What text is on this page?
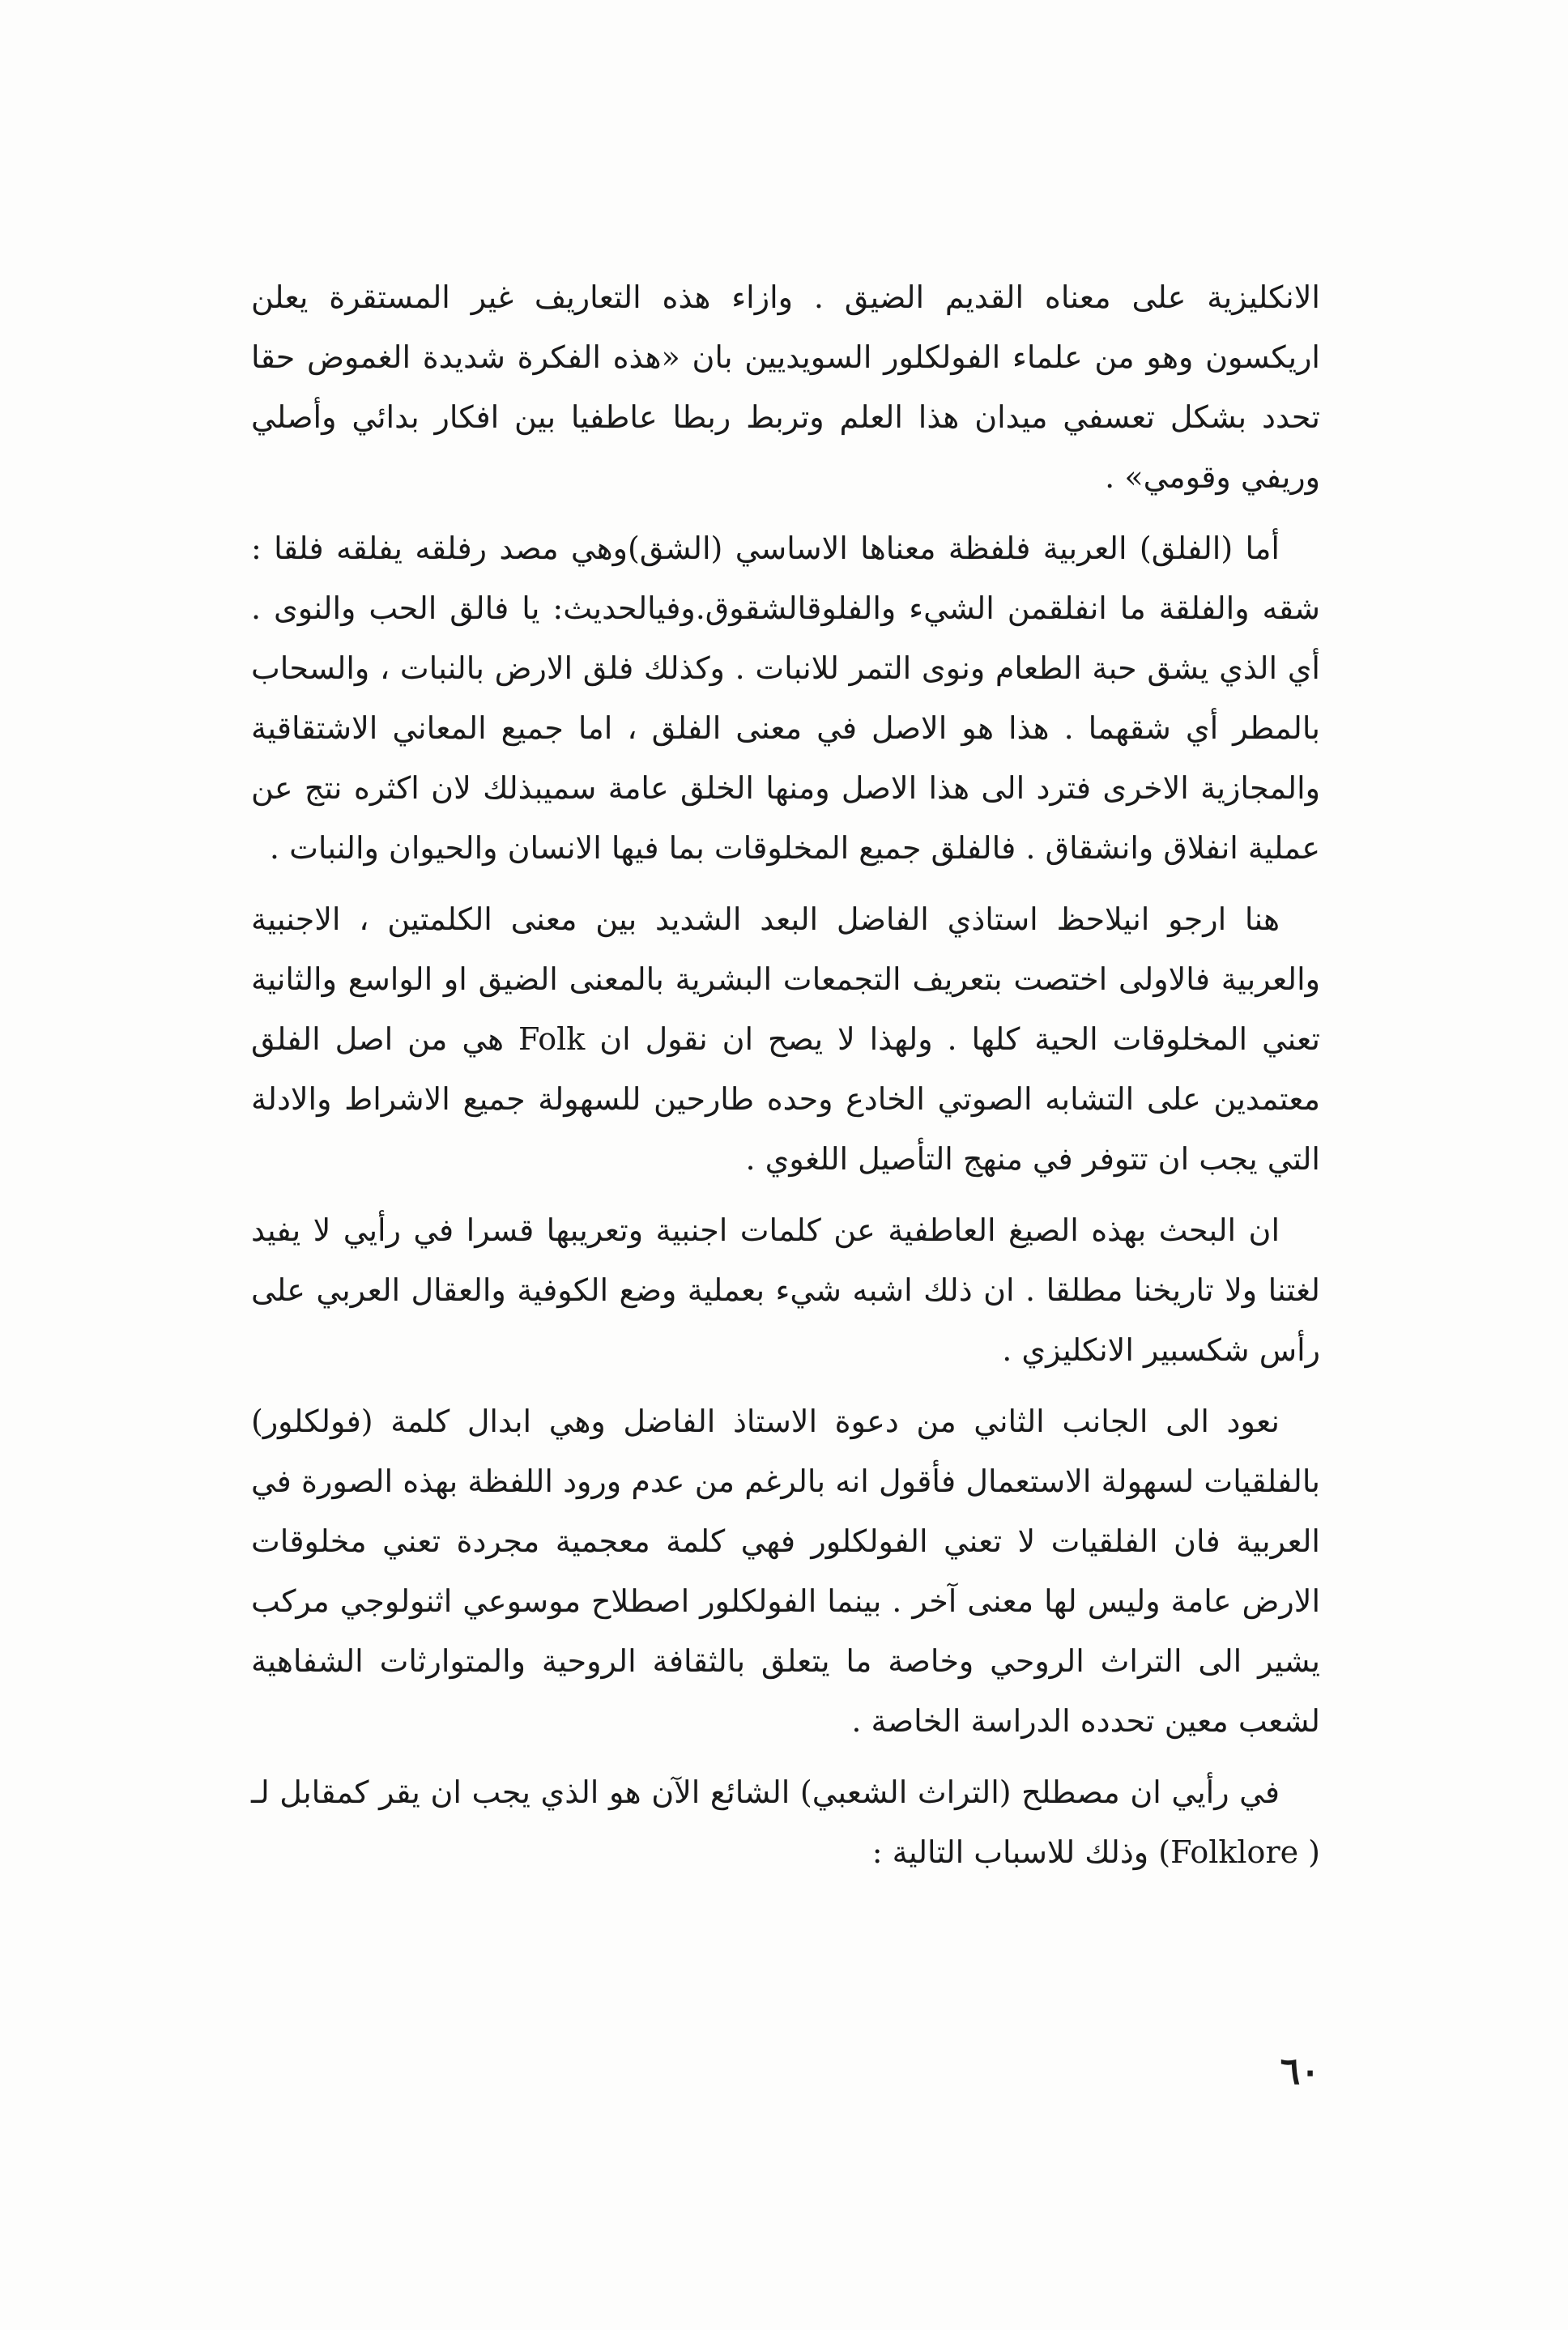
الانكليزية على معناه القديم الضيق . وازاء هذه التعاريف غير المستقرة يعلن اريكسون وهو من علماء الفولكلور السويديين بان «هذه الفكرة شديدة الغموض حقا تحدد بشكل تعسفي ميدان هذا العلم وتربط ربطا عاطفيا بين افكار بدائي وأصلي وريفي وقومي» .

أما (الفلق) العربية فلفظة معناها الاساسي (الشق)وهي مصد رفلقه يفلقه فلقا : شقه والفلقة ما انفلقمن الشيء والفلوقالشقوق.وفيالحديث: يا فالق الحب والنوى . أي الذي يشق حبة الطعام ونوى التمر للانبات . وكذلك فلق الارض بالنبات ، والسحاب بالمطر أي شقهما . هذا هو الاصل في معنى الفلق ، اما جميع المعاني الاشتقاقية والمجازية الاخرى فترد الى هذا الاصل ومنها الخلق عامة سميبذلك لان اكثره نتج عن عملية انفلاق وانشقاق . فالفلق جميع المخلوقات بما فيها الانسان والحيوان والنبات .

هنا ارجو انيلاحظ استاذي الفاضل البعد الشديد بين معنى الكلمتين ، الاجنبية والعربية فالاولى اختصت بتعريف التجمعات البشرية بالمعنى الضيق او الواسع والثانية تعني المخلوقات الحية كلها . ولهذا لا يصح ان نقول ان Folk هي من اصل الفلق معتمدين على التشابه الصوتي الخادع وحده طارحين للسهولة جميع الاشراط والادلة التي يجب ان تتوفر في منهج التأصيل اللغوي .

ان البحث بهذه الصيغ العاطفية عن كلمات اجنبية وتعريبها قسرا في رأيي لا يفيد لغتنا ولا تاريخنا مطلقا . ان ذلك اشبه شيء بعملية وضع الكوفية والعقال العربي على رأس شكسبير الانكليزي .

نعود الى الجانب الثاني من دعوة الاستاذ الفاضل وهي ابدال كلمة (فولكلور) بالفلقيات لسهولة الاستعمال فأقول انه بالرغم من عدم ورود اللفظة بهذه الصورة في العربية فان الفلقيات لا تعني الفولكلور فهي كلمة معجمية مجردة تعني مخلوقات الارض عامة وليس لها معنى آخر . بينما الفولكلور اصطلاح موسوعي اثنولوجي مركب يشير الى التراث الروحي وخاصة ما يتعلق بالثقافة الروحية والمتوارثات الشفاهية لشعب معين تحدده الدراسة الخاصة .

في رأيي ان مصطلح (التراث الشعبي) الشائع الآن هو الذي يجب ان يقر كمقابل لـ ( Folklore) وذلك للاسباب التالية :

٦٠
